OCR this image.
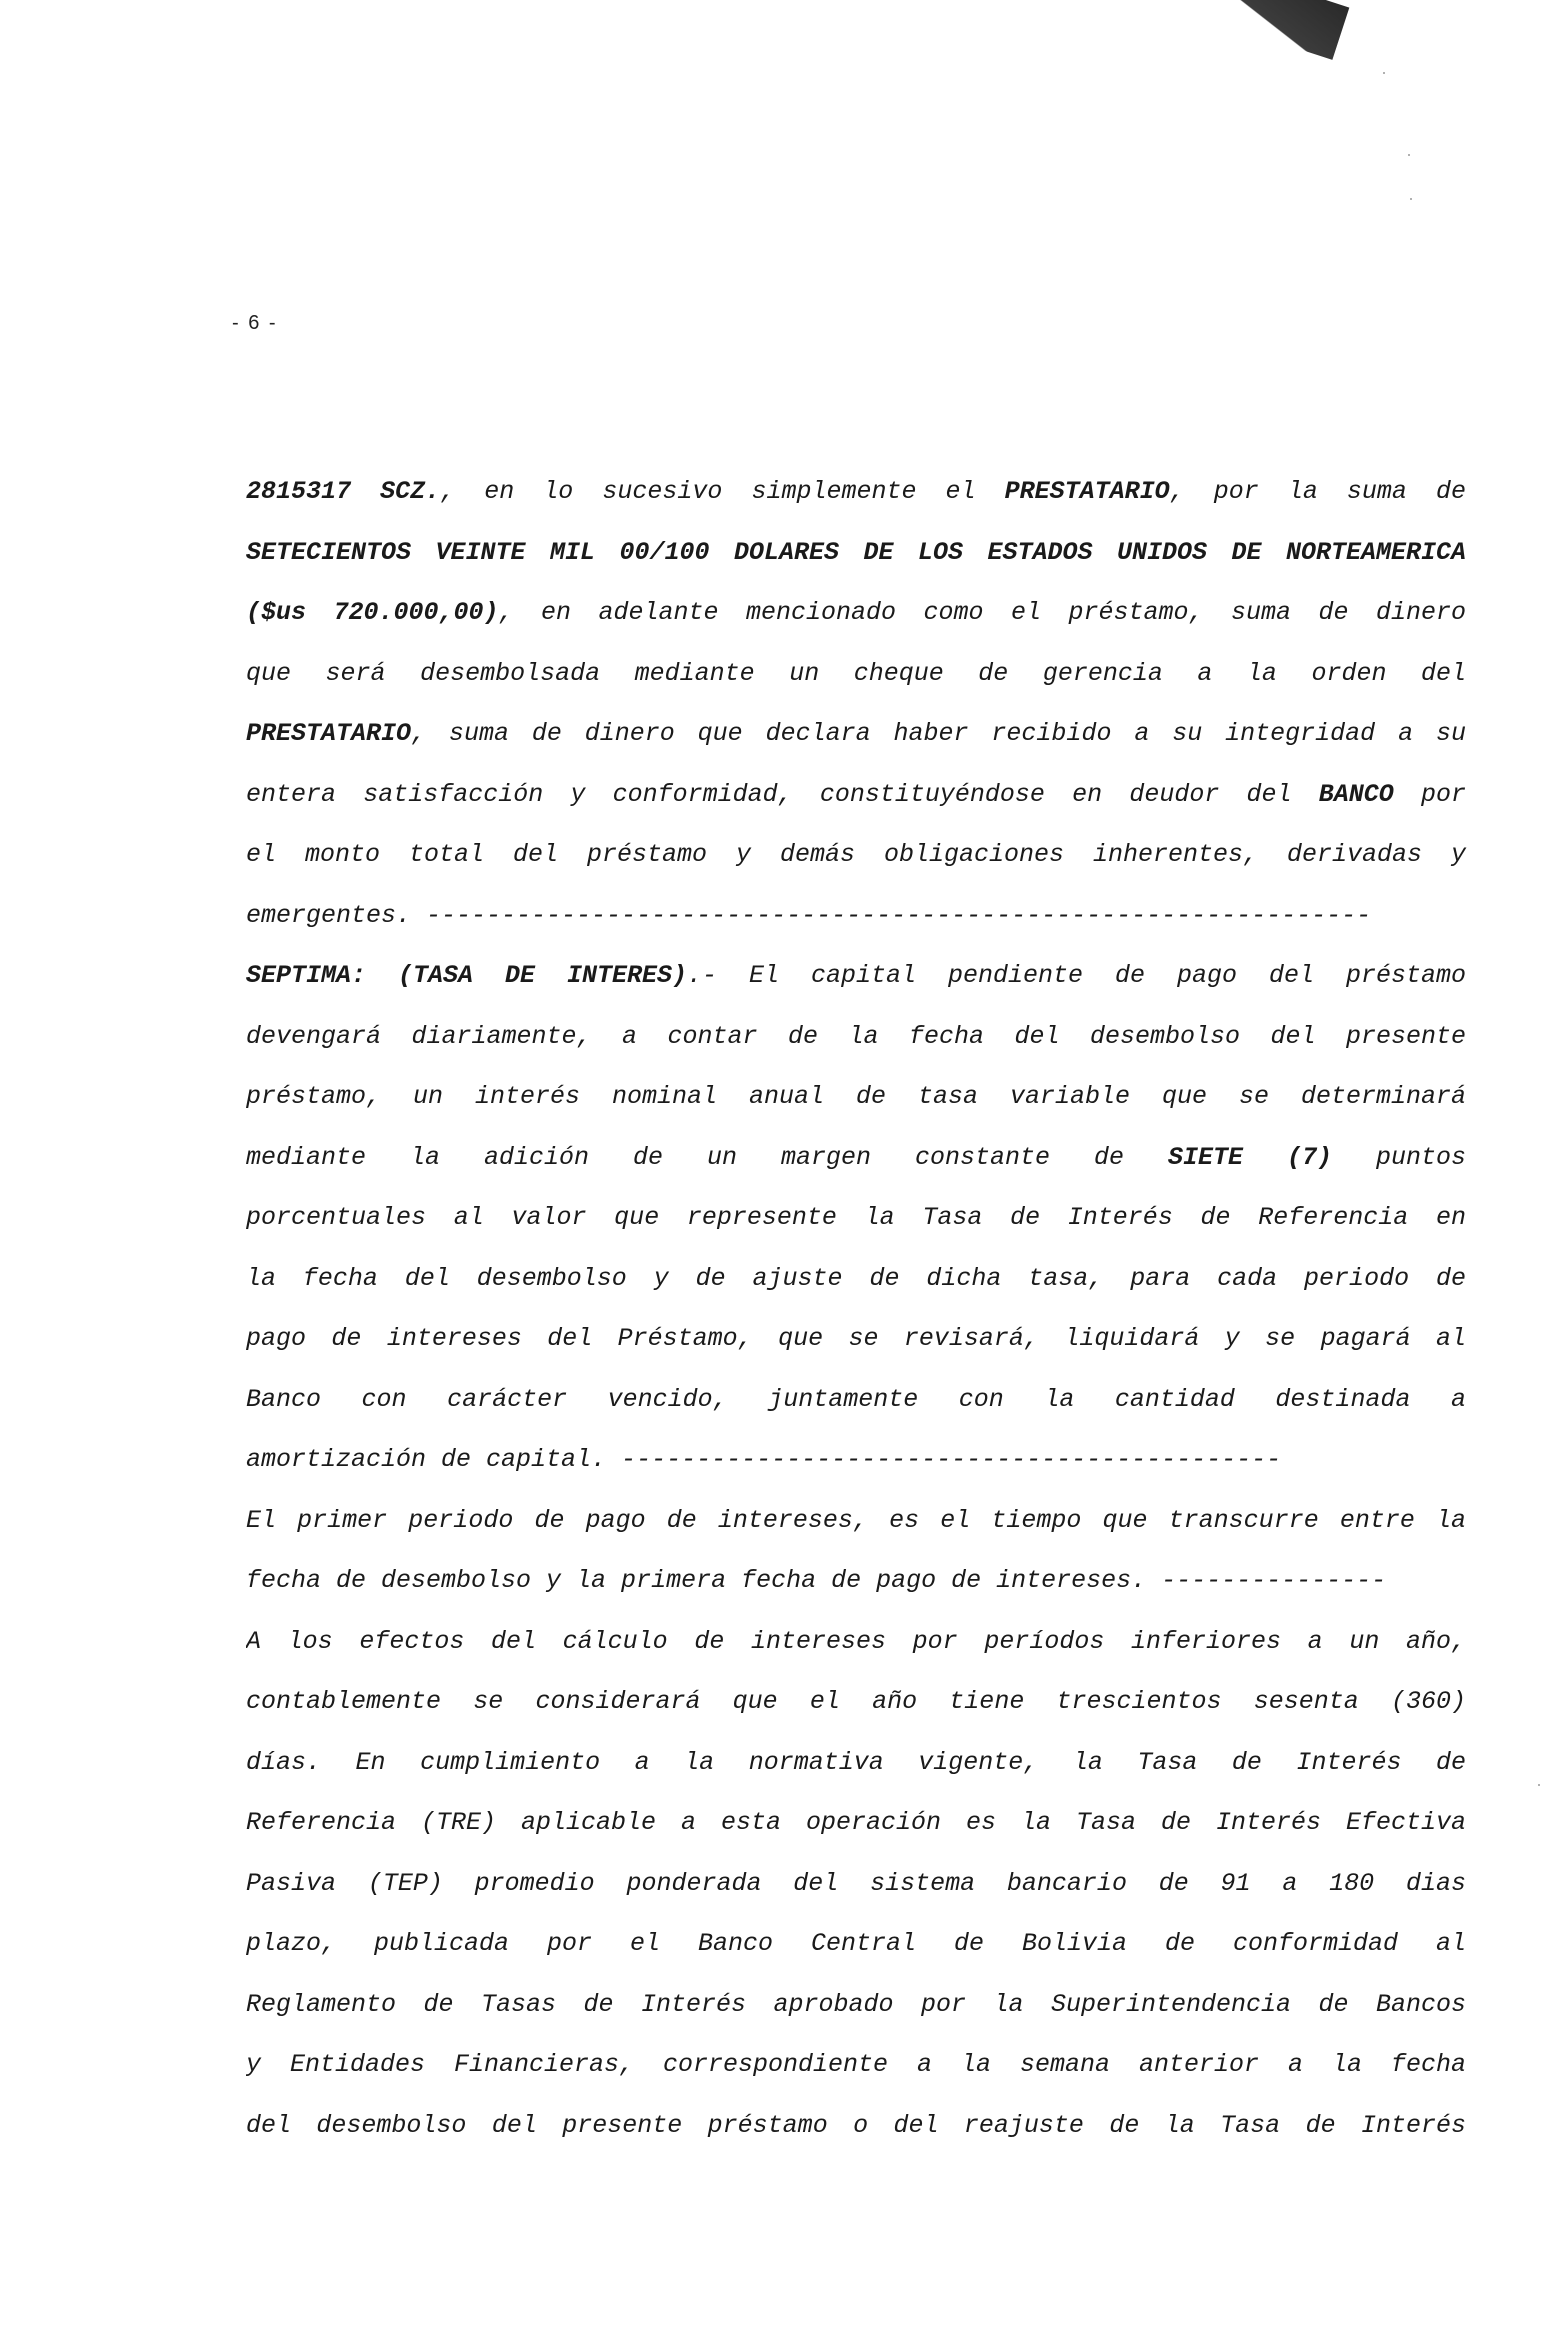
- 6 -
2815317 SCZ., en lo sucesivo simplemente el PRESTATARIO, por la suma de
SETECIENTOS VEINTE MIL 00/100 DOLARES DE LOS ESTADOS UNIDOS DE NORTEAMERICA
($us 720.000,00), en adelante mencionado como el préstamo, suma de dinero
que será desembolsada mediante un cheque de gerencia a la orden del
PRESTATARIO, suma de dinero que declara haber recibido a su integridad a su
entera satisfacción y conformidad, constituyéndose en deudor del BANCO por
el monto total del préstamo y demás obligaciones inherentes, derivadas y
emergentes. ---------------------------------------------------------------
SEPTIMA: (TASA DE INTERES).- El capital pendiente de pago del préstamo
devengará diariamente, a contar de la fecha del desembolso del presente
préstamo, un interés nominal anual de tasa variable que se determinará
mediante la adición de un margen constante de SIETE (7) puntos
porcentuales al valor que represente la Tasa de Interés de Referencia en
la fecha del desembolso y de ajuste de dicha tasa, para cada periodo de
pago de intereses del Préstamo, que se revisará, liquidará y se pagará al
Banco con carácter vencido, juntamente con la cantidad destinada a
amortización de capital. --------------------------------------------
El primer periodo de pago de intereses, es el tiempo que transcurre entre la
fecha de desembolso y la primera fecha de pago de intereses. ---------------
A los efectos del cálculo de intereses por períodos inferiores a un año,
contablemente se considerará que el año tiene trescientos sesenta (360)
días. En cumplimiento a la normativa vigente, la Tasa de Interés de
Referencia (TRE) aplicable a esta operación es la Tasa de Interés Efectiva
Pasiva (TEP) promedio ponderada del sistema bancario de 91 a 180 dias
plazo, publicada por el Banco Central de Bolivia de conformidad al
Reglamento de Tasas de Interés aprobado por la Superintendencia de Bancos
y Entidades Financieras, correspondiente a la semana anterior a la fecha
del desembolso del presente préstamo o del reajuste de la Tasa de Interés
